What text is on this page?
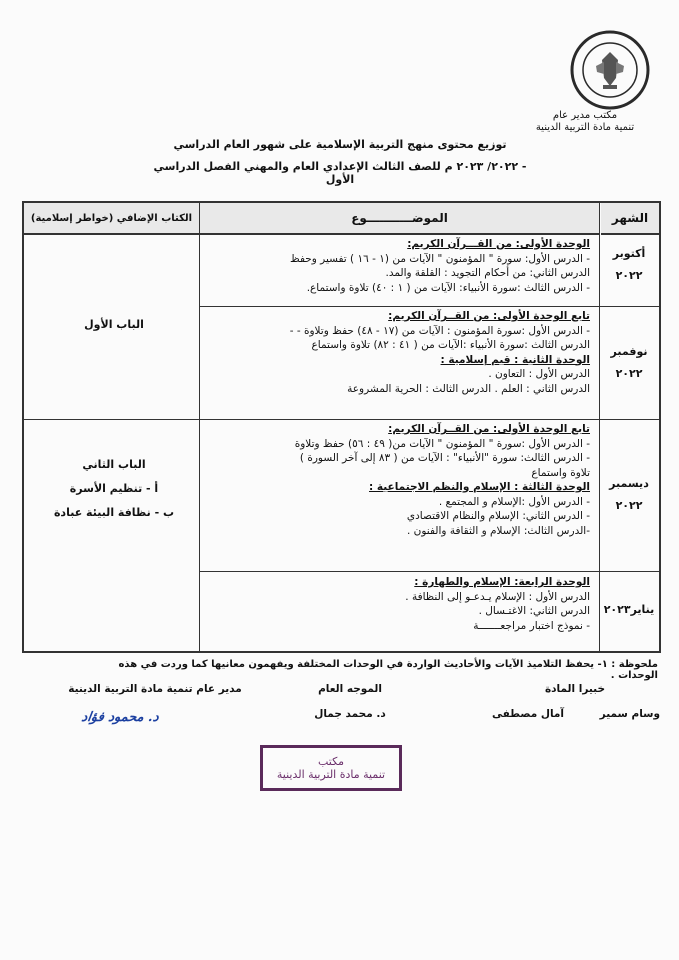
مكتب مدير عام
تنمية مادة التربية الدينية
توزيع محتوى منهج التربية الإسلامية على شهور العام الدراسي
- ٢٠٢٢/ ٢٠٢٣ م للصف الثالث الإعدادي العام والمهني الفصل الدراسي الأول
الشهر
الموضـــــــــــوع
الكتاب الإضافي (خواطر إسلامية)
أكتوبر
٢٠٢٢
نوفمبر
٢٠٢٢
ديسمبر
٢٠٢٢
يناير٢٠٢٣
الوحدة الأولى: من القـــرآن الكريم:
- الدرس الأول: سورة " المؤمنون " الآيات من (١ - ١٦ ) تفسير وحفظ
الدرس الثاني: من أحكام التجويد : القلقة والمد.
- الدرس الثالث :سورة الأنبياء: الآيات من ( ١ : ٤٠) تلاوة واستماع.
تابع الوحدة الأولى: من القــرآن الكريم:
- الدرس الأول :سورة المؤمنون : الآيات من (١٧ - ٤٨) حفظ وتلاوة - -
الدرس الثالث :سورة الأنبياء :الآيات من ( ٤١ : ٨٢) تلاوة واستماع
الوحدة الثانية : قيم إسلامية :
الدرس الأول : التعاون .
الدرس الثاني : العلم . الدرس الثالث : الحرية المشروعة
تابع الوحدة الأولى: من القــرآن الكريم:
- الدرس الأول :سورة " المؤمنون " الآيات من( ٤٩ : ٥٦) حفظ وتلاوة
- الدرس الثالث: سورة "الأنبياء" : الآيات من ( ٨٣ إلى آخر السورة )
تلاوة واستماع
الوحدة الثالثة : الإسلام والنظم الاجتماعية :
- الدرس الأول :الإسلام و المجتمع .
- الدرس الثاني: الإسلام والنظام الاقتصادي
-الدرس الثالث: الإسلام و الثقافة والفنون .
الوحدة الرابعة: الإسلام والطهارة :
الدرس الأول : الإسلام يـدعـو إلى النظافة .
الدرس الثاني: الاغتـسال .
- نموذج اختبار مراجعـــــــة
الباب الأول
الباب الثاني
أ - تنظيم الأسرة
ب - نظافة البيئة عبادة
ملحوظة : ١- يحفظ التلاميذ الآيات والأحاديث الواردة في الوحدات المختلفة ويفهمون معانيها كما وردت في هذه الوحدات .
خبيرا المادة
وسام سمير
آمال مصطفى
الموجه العام
د. محمد جمال
مدير عام تنمية مادة التربية الدينية
د. محمود فؤاد
مكتب
تنمية مادة التربية الدينية
